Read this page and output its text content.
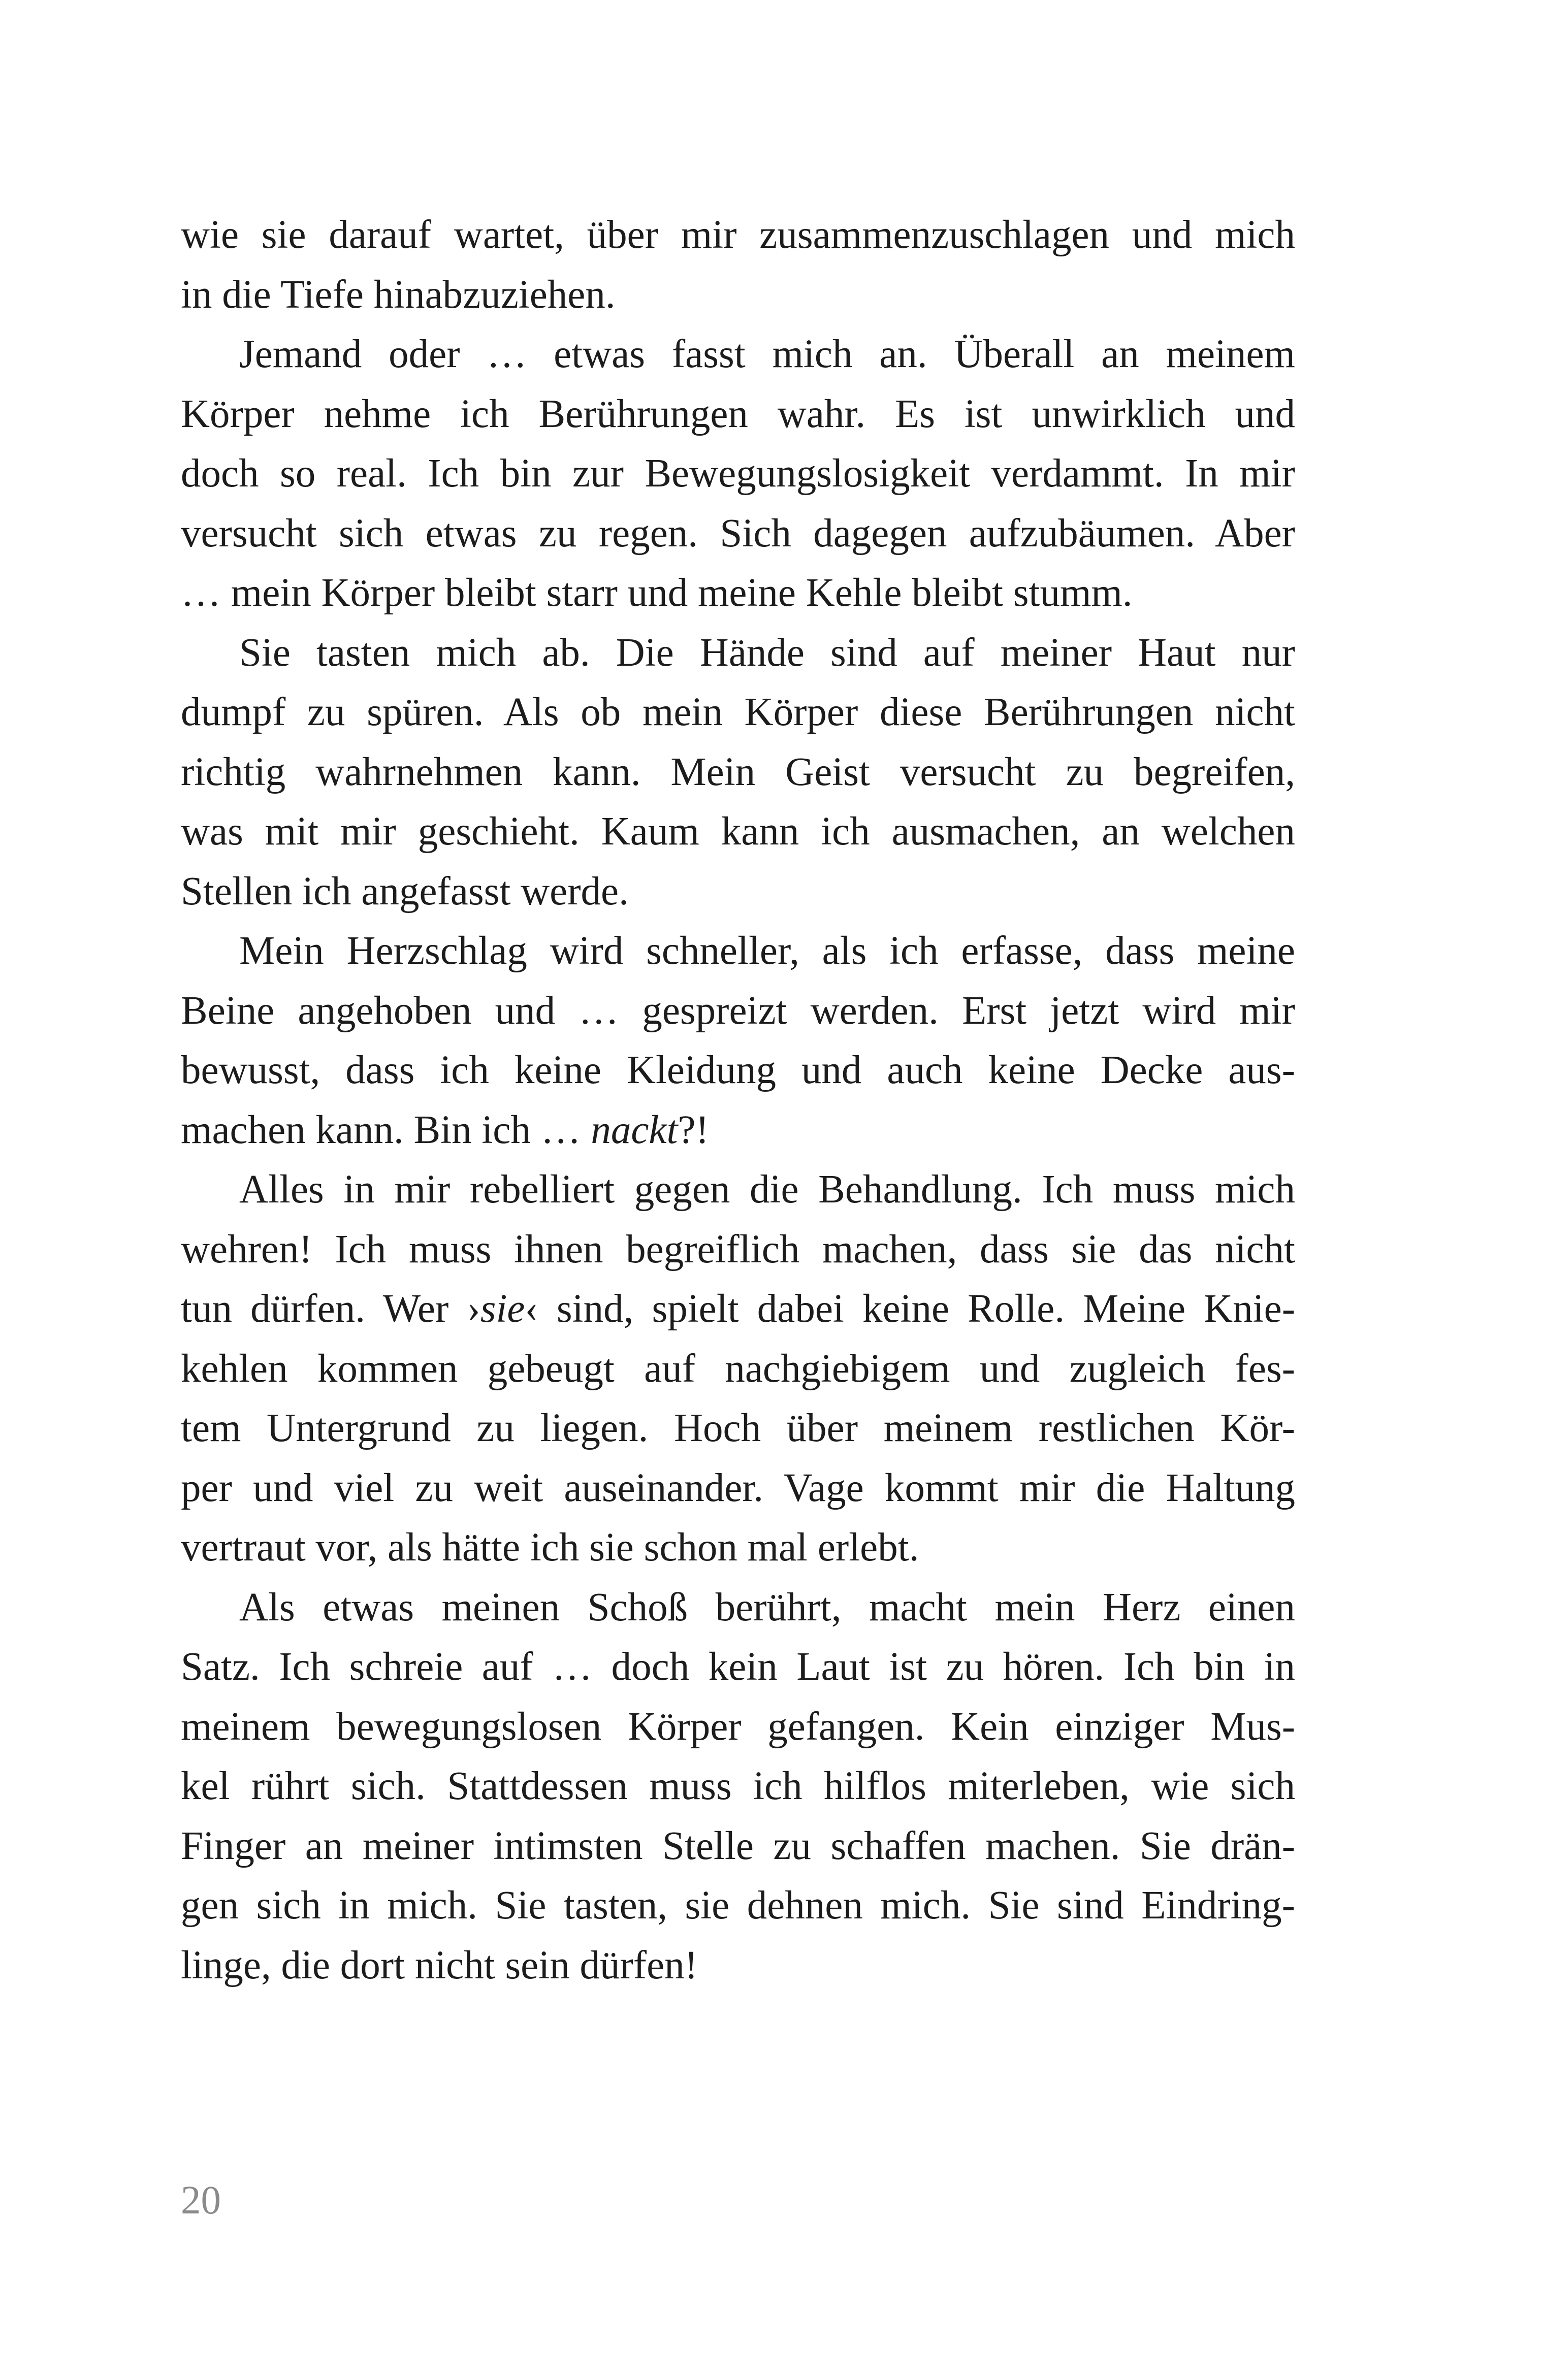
wie sie darauf wartet, über mir zusammenzuschlagen und mich
in die Tiefe hinabzuziehen.
Jemand oder … etwas fasst mich an. Überall an meinem
Körper nehme ich Berührungen wahr. Es ist unwirklich und
doch so real. Ich bin zur Bewegungslosigkeit verdammt. In mir
versucht sich etwas zu regen. Sich dagegen aufzubäumen. Aber
… mein Körper bleibt starr und meine Kehle bleibt stumm.
Sie tasten mich ab. Die Hände sind auf meiner Haut nur
dumpf zu spüren. Als ob mein Körper diese Berührungen nicht
richtig wahrnehmen kann. Mein Geist versucht zu begreifen,
was mit mir geschieht. Kaum kann ich ausmachen, an welchen
Stellen ich angefasst werde.
Mein Herzschlag wird schneller, als ich erfasse, dass meine
Beine angehoben und … gespreizt werden. Erst jetzt wird mir
bewusst, dass ich keine Kleidung und auch keine Decke aus-
machen kann. Bin ich … nackt?!
Alles in mir rebelliert gegen die Behandlung. Ich muss mich
wehren! Ich muss ihnen begreiflich machen, dass sie das nicht
tun dürfen. Wer ›sie‹ sind, spielt dabei keine Rolle. Meine Knie-
kehlen kommen gebeugt auf nachgiebigem und zugleich fes-
tem Untergrund zu liegen. Hoch über meinem restlichen Kör-
per und viel zu weit auseinander. Vage kommt mir die Haltung
vertraut vor, als hätte ich sie schon mal erlebt.
Als etwas meinen Schoß berührt, macht mein Herz einen
Satz. Ich schreie auf … doch kein Laut ist zu hören. Ich bin in
meinem bewegungslosen Körper gefangen. Kein einziger Mus-
kel rührt sich. Stattdessen muss ich hilflos miterleben, wie sich
Finger an meiner intimsten Stelle zu schaffen machen. Sie drän-
gen sich in mich. Sie tasten, sie dehnen mich. Sie sind Eindring-
linge, die dort nicht sein dürfen!
20
